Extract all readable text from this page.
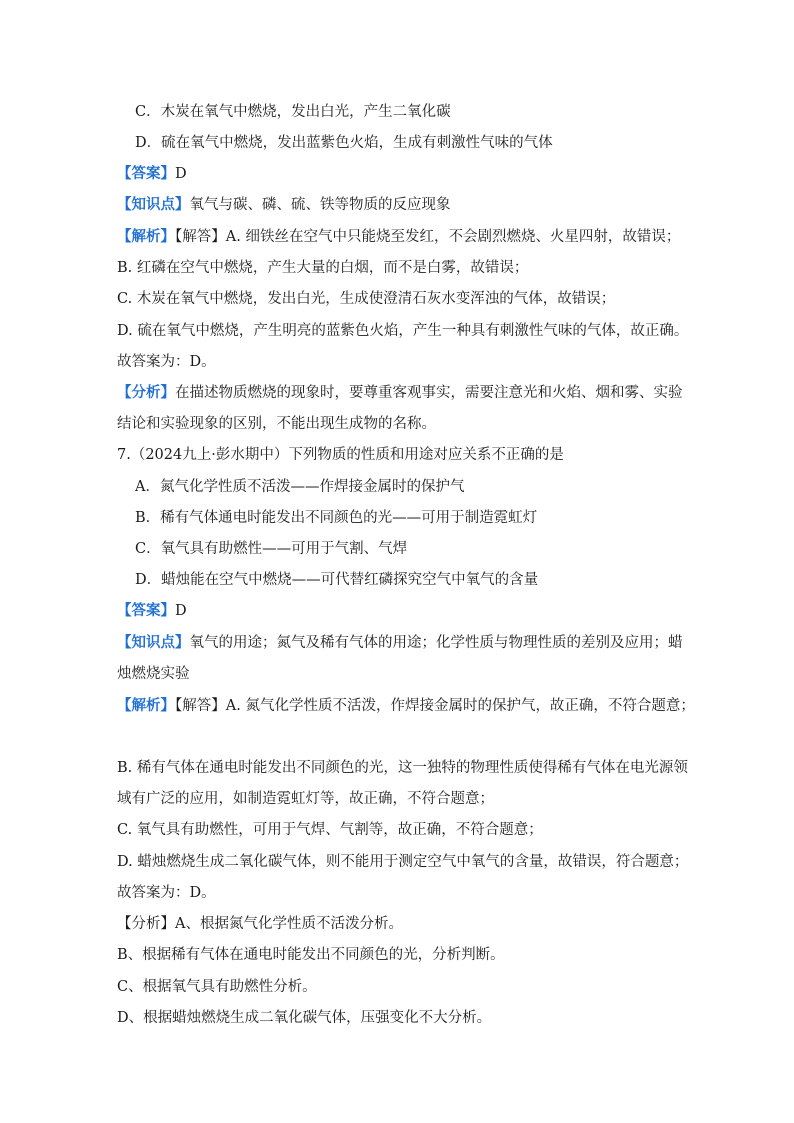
C．木炭在氧气中燃烧，发出白光，产生二氧化碳
D．硫在氧气中燃烧，发出蓝紫色火焰，生成有刺激性气味的气体
【答案】D
【知识点】氧气与碳、磷、硫、铁等物质的反应现象
【解析】【解答】A. 细铁丝在空气中只能烧至发红，不会剧烈燃烧、火星四射，故错误；
B. 红磷在空气中燃烧，产生大量的白烟，而不是白雾，故错误；
C. 木炭在氧气中燃烧，发出白光，生成使澄清石灰水变浑浊的气体，故错误；
D. 硫在氧气中燃烧，产生明亮的蓝紫色火焰，产生一种具有刺激性气味的气体，故正确。
故答案为：D。
【分析】在描述物质燃烧的现象时，要尊重客观事实，需要注意光和火焰、烟和雾、实验
结论和实验现象的区别，不能出现生成物的名称。
7.（2024九上·彭水期中）下列物质的性质和用途对应关系不正确的是
A．氮气化学性质不活泼——作焊接金属时的保护气
B．稀有气体通电时能发出不同颜色的光——可用于制造霓虹灯
C．氧气具有助燃性——可用于气割、气焊
D．蜡烛能在空气中燃烧——可代替红磷探究空气中氧气的含量
【答案】D
【知识点】氧气的用途；氮气及稀有气体的用途；化学性质与物理性质的差别及应用；蜡
烛燃烧实验
【解析】【解答】A. 氮气化学性质不活泼，作焊接金属时的保护气，故正确，不符合题意；
B. 稀有气体在通电时能发出不同颜色的光，这一独特的物理性质使得稀有气体在电光源领
域有广泛的应用，如制造霓虹灯等，故正确，不符合题意；
C. 氧气具有助燃性，可用于气焊、气割等，故正确，不符合题意；
D. 蜡烛燃烧生成二氧化碳气体，则不能用于测定空气中氧气的含量，故错误，符合题意；
故答案为：D。
【分析】A、根据氮气化学性质不活泼分析。
B、根据稀有气体在通电时能发出不同颜色的光，分析判断。
C、根据氧气具有助燃性分析。
D、根据蜡烛燃烧生成二氧化碳气体，压强变化不大分析。
